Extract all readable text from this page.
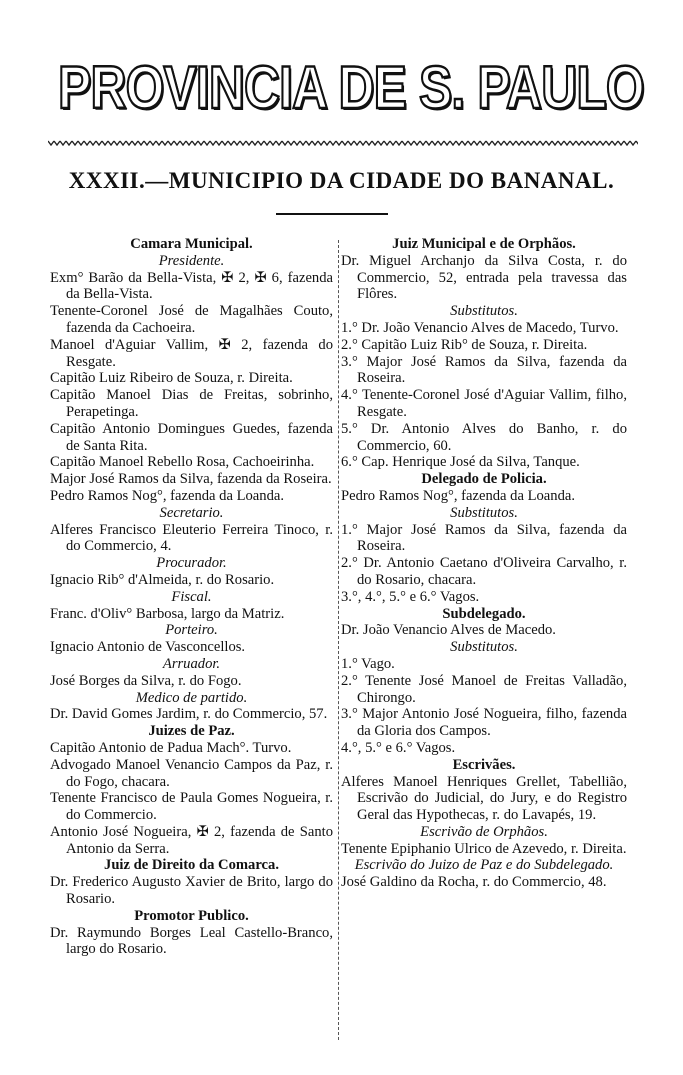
PROVINCIA DE S. PAULO
XXXII.—MUNICIPIO DA CIDADE DO BANANAL.
Camara Municipal.
Presidente.
Exm° Barão da Bella-Vista, ✠ 2, ✠ 6, fazenda da Bella-Vista.
Tenente-Coronel José de Magalhães Couto, fazenda da Cachoeira.
Manoel d'Aguiar Vallim, ✠ 2, fazenda do Resgate.
Capitão Luiz Ribeiro de Souza, r. Direita.
Capitão Manoel Dias de Freitas, sobrinho, Perapetinga.
Capitão Antonio Domingues Guedes, fazenda de Santa Rita.
Capitão Manoel Rebello Rosa, Cachoeirinha.
Major José Ramos da Silva, fazenda da Roseira.
Pedro Ramos Nog°, fazenda da Loanda.
Secretario.
Alferes Francisco Eleuterio Ferreira Tinoco, r. do Commercio, 4.
Procurador.
Ignacio Rib° d'Almeida, r. do Rosario.
Fiscal.
Franc. d'Oliv° Barbosa, largo da Matriz.
Porteiro.
Ignacio Antonio de Vasconcellos.
Arruador.
José Borges da Silva, r. do Fogo.
Medico de partido.
Dr. David Gomes Jardim, r. do Commercio, 57.
Juizes de Paz.
Capitão Antonio de Padua Mach°. Turvo.
Advogado Manoel Venancio Campos da Paz, r. do Fogo, chacara.
Tenente Francisco de Paula Gomes Nogueira, r. do Commercio.
Antonio José Nogueira, ✠ 2, fazenda de Santo Antonio da Serra.
Juiz de Direito da Comarca.
Dr. Frederico Augusto Xavier de Brito, largo do Rosario.
Promotor Publico.
Dr. Raymundo Borges Leal Castello-Branco, largo do Rosario.
Juiz Municipal e de Orphãos.
Dr. Miguel Archanjo da Silva Costa, r. do Commercio, 52, entrada pela travessa das Flôres.
Substitutos.
1.° Dr. João Venancio Alves de Macedo, Turvo.
2.° Capitão Luiz Rib° de Souza, r. Direita.
3.° Major José Ramos da Silva, fazenda da Roseira.
4.° Tenente-Coronel José d'Aguiar Vallim, filho, Resgate.
5.° Dr. Antonio Alves do Banho, r. do Commercio, 60.
6.° Cap. Henrique José da Silva, Tanque.
Delegado de Policia.
Pedro Ramos Nog°, fazenda da Loanda.
Substitutos.
1.° Major José Ramos da Silva, fazenda da Roseira.
2.° Dr. Antonio Caetano d'Oliveira Carvalho, r. do Rosario, chacara.
3.°, 4.°, 5.° e 6.° Vagos.
Subdelegado.
Dr. João Venancio Alves de Macedo.
Substitutos.
1.° Vago.
2.° Tenente José Manoel de Freitas Valladão, Chirongo.
3.° Major Antonio José Nogueira, filho, fazenda da Gloria dos Campos.
4.°, 5.° e 6.° Vagos.
Escrivães.
Alferes Manoel Henriques Grellet, Tabellião, Escrivão do Judicial, do Jury, e do Registro Geral das Hypothecas, r. do Lavapés, 19.
Escrivão de Orphãos.
Tenente Epiphanio Ulrico de Azevedo, r. Direita.
Escrivão do Juizo de Paz e do Subdelegado.
José Galdino da Rocha, r. do Commercio, 48.
